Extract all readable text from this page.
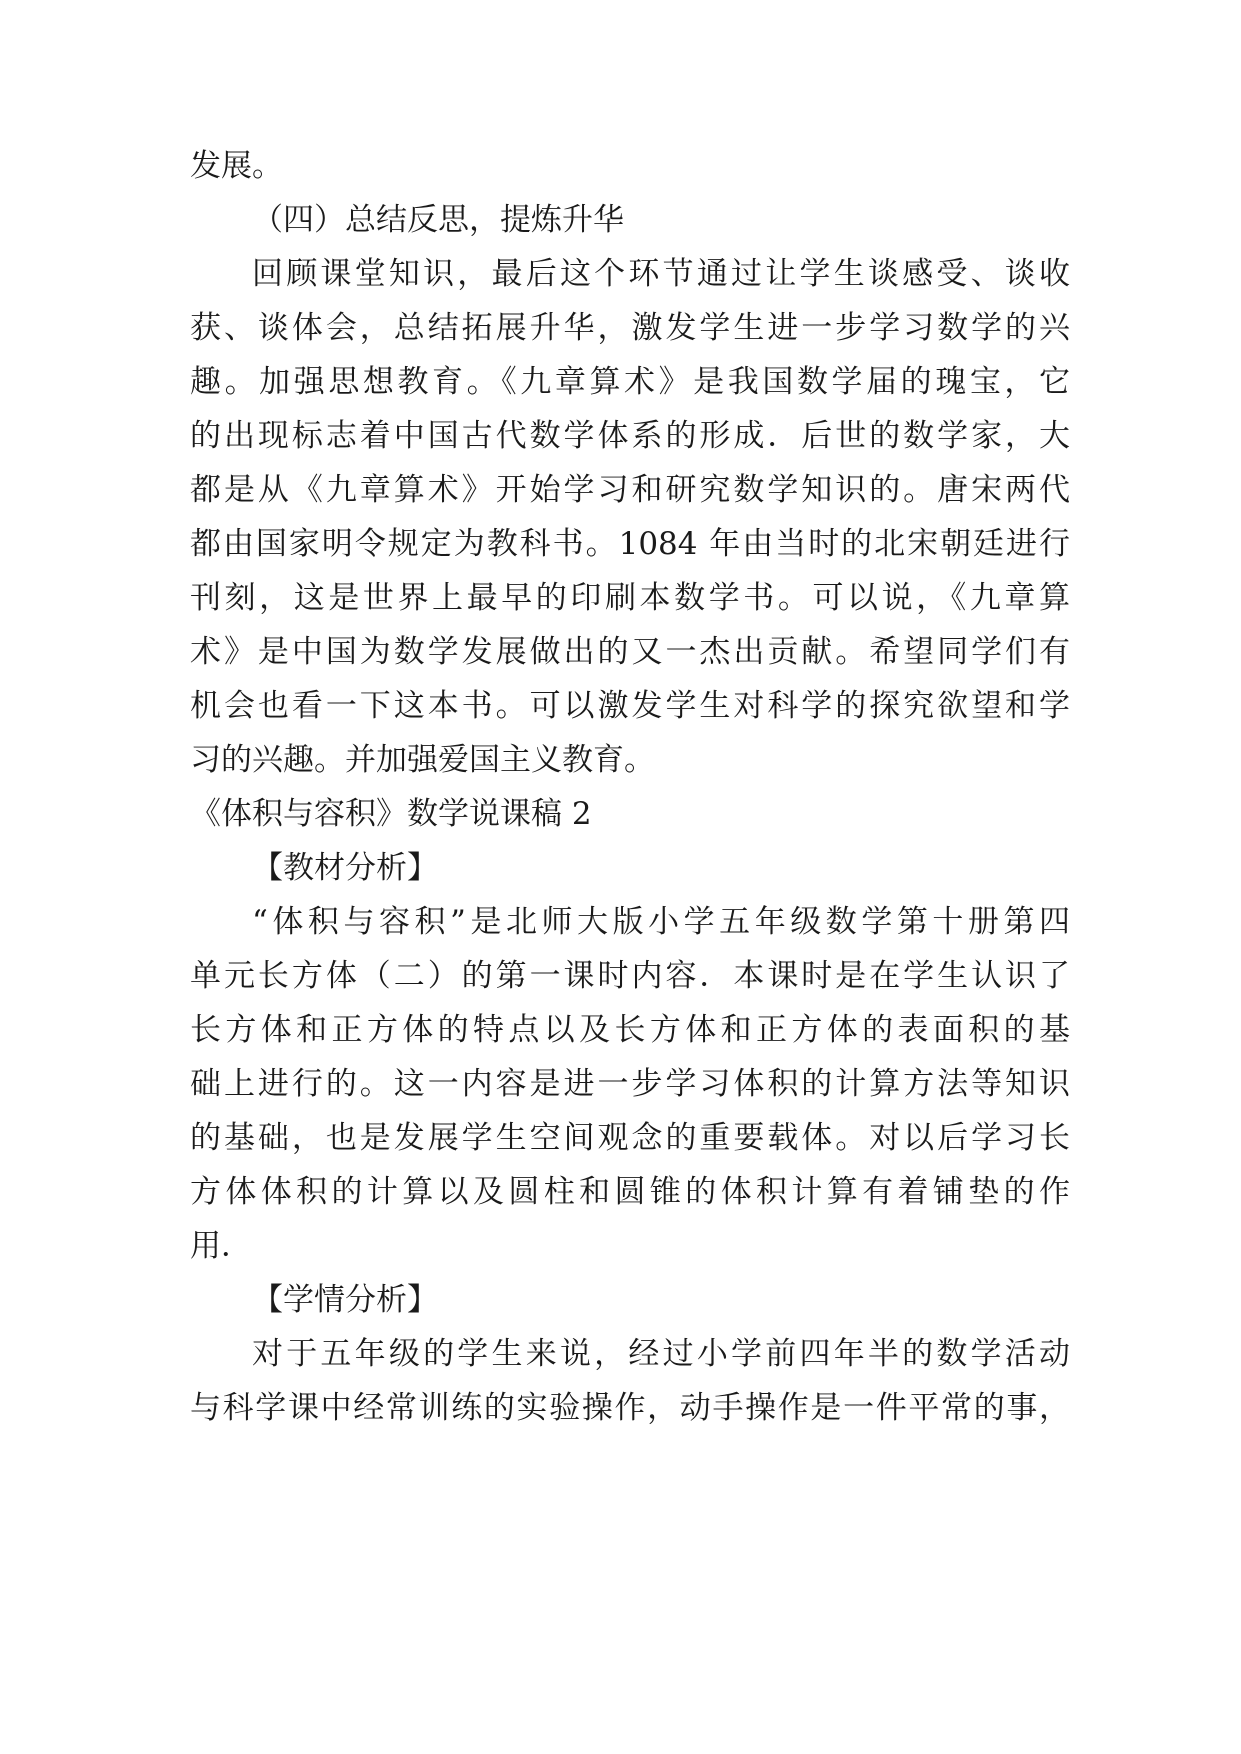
发展。
（四）总结反思，提炼升华
回顾课堂知识，最后这个环节通过让学生谈感受、谈收
获、谈体会，总结拓展升华，激发学生进一步学习数学的兴
趣。加强思想教育。《九章算术》是我国数学届的瑰宝，它
的出现标志着中国古代数学体系的形成．后世的数学家，大
都是从《九章算术》开始学习和研究数学知识的。唐宋两代
都由国家明令规定为教科书。1084 年由当时的北宋朝廷进行
刊刻，这是世界上最早的印刷本数学书。可以说，《九章算
术》是中国为数学发展做出的又一杰出贡献。希望同学们有
机会也看一下这本书。可以激发学生对科学的探究欲望和学
习的兴趣。并加强爱国主义教育。
《体积与容积》数学说课稿 2
【教材分析】
“体积与容积”是北师大版小学五年级数学第十册第四
单元长方体（二）的第一课时内容．本课时是在学生认识了
长方体和正方体的特点以及长方体和正方体的表面积的基
础上进行的。这一内容是进一步学习体积的计算方法等知识
的基础，也是发展学生空间观念的重要载体。对以后学习长
方体体积的计算以及圆柱和圆锥的体积计算有着铺垫的作
用．
【学情分析】
对于五年级的学生来说，经过小学前四年半的数学活动
与科学课中经常训练的实验操作，动手操作是一件平常的事，
